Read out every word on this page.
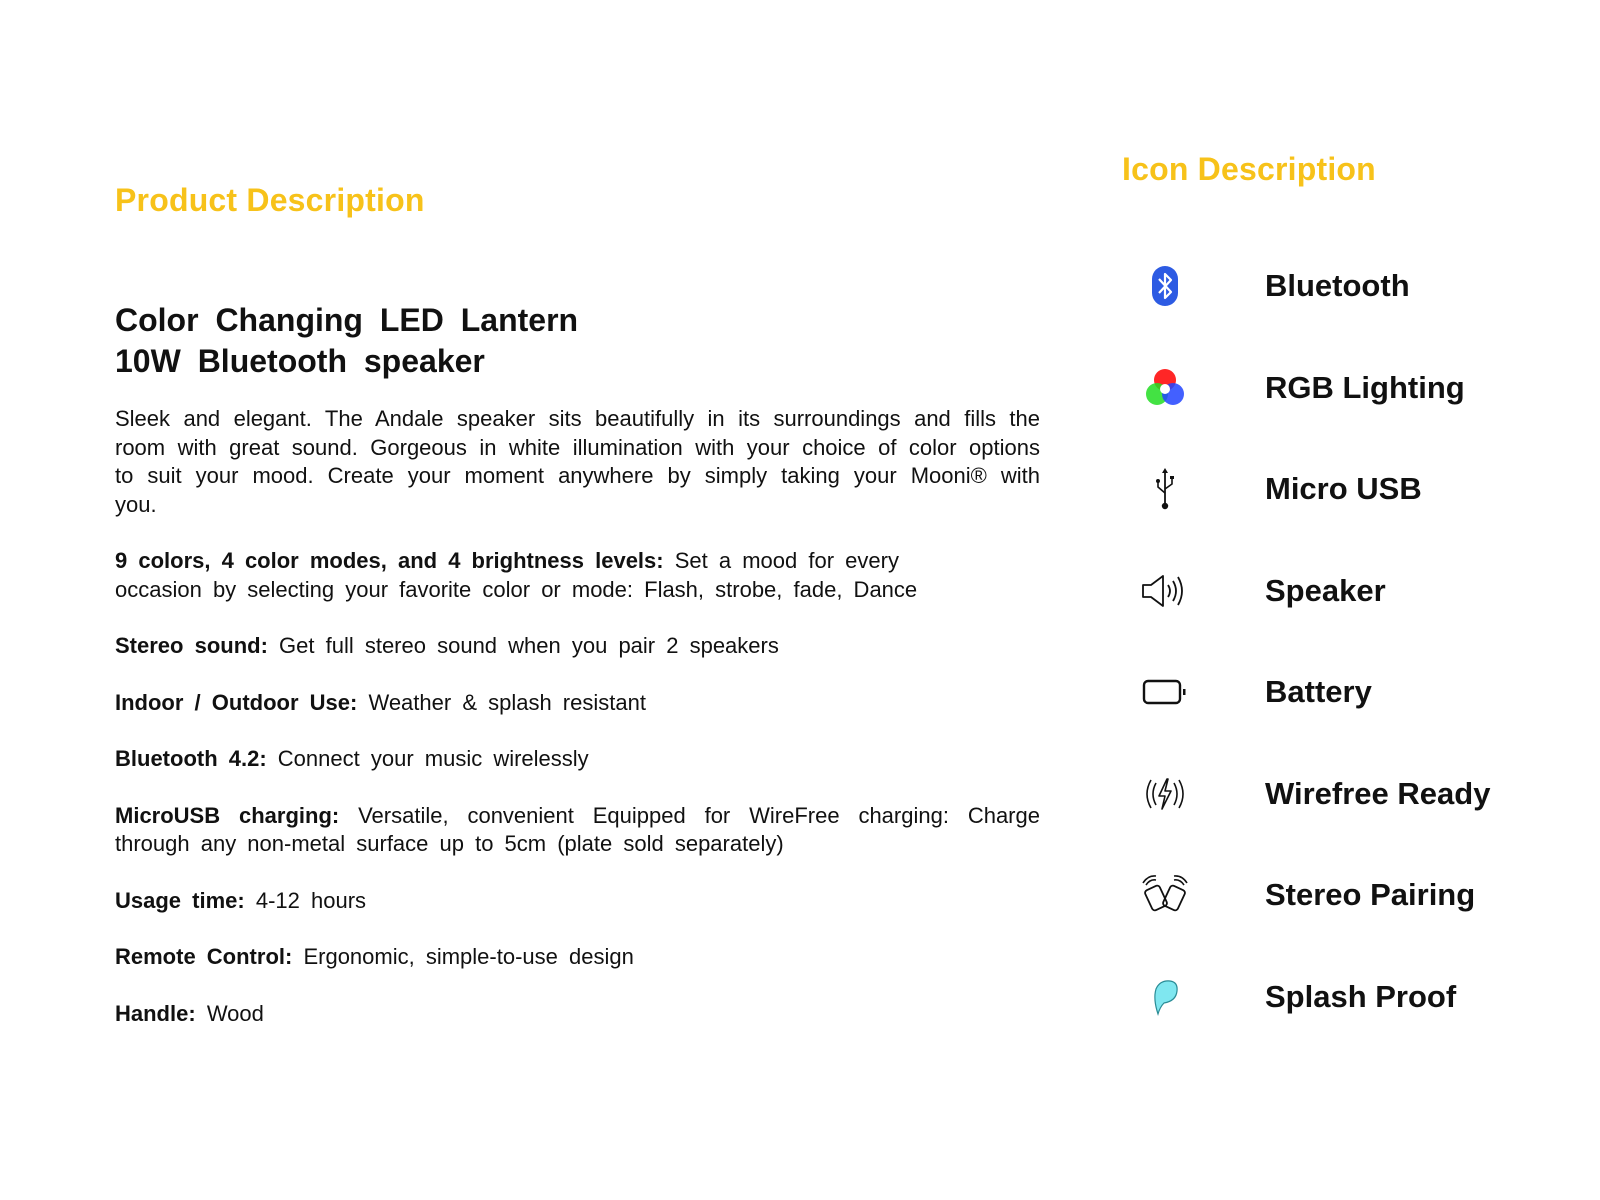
Product Description
Color Changing LED Lantern
10W Bluetooth speaker

Sleek and elegant. The Andale speaker sits beautifully in its surroundings and fills the room with great sound. Gorgeous in white illumination with your choice of color options to suit your mood. Create your moment anywhere by simply taking your Mooni® with you.

9 colors, 4 color modes, and 4 brightness levels: Set a mood for every occasion by selecting your favorite color or mode: Flash, strobe, fade, Dance

Stereo sound: Get full stereo sound when you pair 2 speakers

Indoor / Outdoor Use: Weather & splash resistant

Bluetooth 4.2: Connect your music wirelessly

MicroUSB charging: Versatile, convenient Equipped for WireFree charging: Charge through any non-metal surface up to 5cm (plate sold separately)

Usage time: 4-12 hours

Remote Control: Ergonomic, simple-to-use design

Handle: Wood

Icon Description
Bluetooth
RGB Lighting
Micro USB
Speaker
Battery
Wirefree Ready
Stereo Pairing
Splash Proof
